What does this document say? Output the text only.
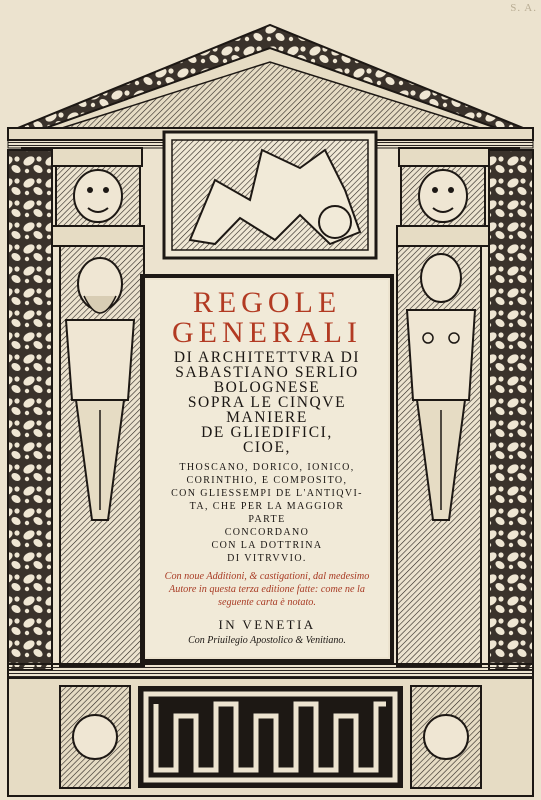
S. A.
REGOLE
GENERALI
DI ARCHITETTVRA DI
SABASTIANO SERLIO
BOLOGNESE
SOPRA LE CINQVE
MANIERE
DE GLIEDIFICI,
CIOE,
THOSCANO, DORICO, IONICO,
CORINTHIO, E COMPOSITO,
CON GLIESSEMPI DE L'ANTIQVI-
TA, CHE PER LA MAGGIOR
PARTE
CONCORDANO
CON LA DOTTRINA
DI VITRVVIO.
Con noue Additioni, & castigationi, dal medesimo
Autore in questa terza editione fatte: come ne la
seguente carta è notato.
IN VENETIA
Con Priuilegio Apostolico & Venitiano.
